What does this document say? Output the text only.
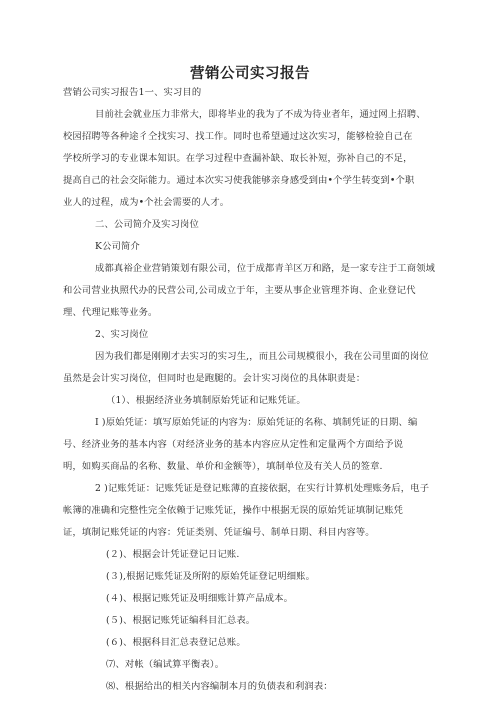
营销公司实习报告
营销公司实习报告1一、实习目的
目前社会就业压力非常大，即将毕业的我为了不成为待业者年，通过网上招聘、
校园招聘等各种途彳仝找实习、找工作。同时也希望通过这次实习，能够检验自己在
学校所学习的专业课本知识。在学习过程中查漏补缺、取长补短，弥补自己的不足，
提高自己的社会交际能力。通过本次实习使我能够亲身感受到由•个学生转变到•个职
业人的过程，成为•个社会需要的人才。
二、公司简介及实习岗位
K公司简介
成都真裕企业营销策划有限公司，位于成都青羊区万和路，是一家专注于工商领域
和公司营业执照代办的民营公司,公司成立于年，主要从事企业管理芥询、企业登记代
理、代理记账等业务。
2、实习岗位
因为我们都是刚刚才去实习的实习生,，而且公司规模很小，我在公司里面的岗位
虽然是会计实习岗位，但同时也是跑腿的。会计实习岗位的具体职责是：
（1）、根据经济业务填制原始凭证和记账凭证。
I )原始凭证：填写原始凭证的内容为：原始凭证的名称、填制凭证的日期、编
号、经济业务的基本内容（对经济业务的基本内容应从定性和定量两个方面给予说
明，如购买商品的名称、数量、单价和金额等），填制单位及有关人员的签章.
2 )记账凭证：记账凭证是登记账薄的直接依据，在实行计算机处理账务后，电子
帐簿的准确和完整性完全依赖于记账凭证，操作中根据无误的原始凭证填制记账凭
证，填制记账凭证的内容：凭证类别、凭证编号、制单日期、科目内容等。
(２)、根据会计凭证登记日记账.
(３),根据记账凭证及所附的原始凭证登记明细账。
(４)、根据记账凭证及明细账计算产品成本。
(５)、根据记账凭证编科目汇总表。
(６)、根据科目汇总表登记总账。
⑺、对帐（编试算平衡表）。
⑻、根据给出的相关内容编制本月的负债表和利润表：
